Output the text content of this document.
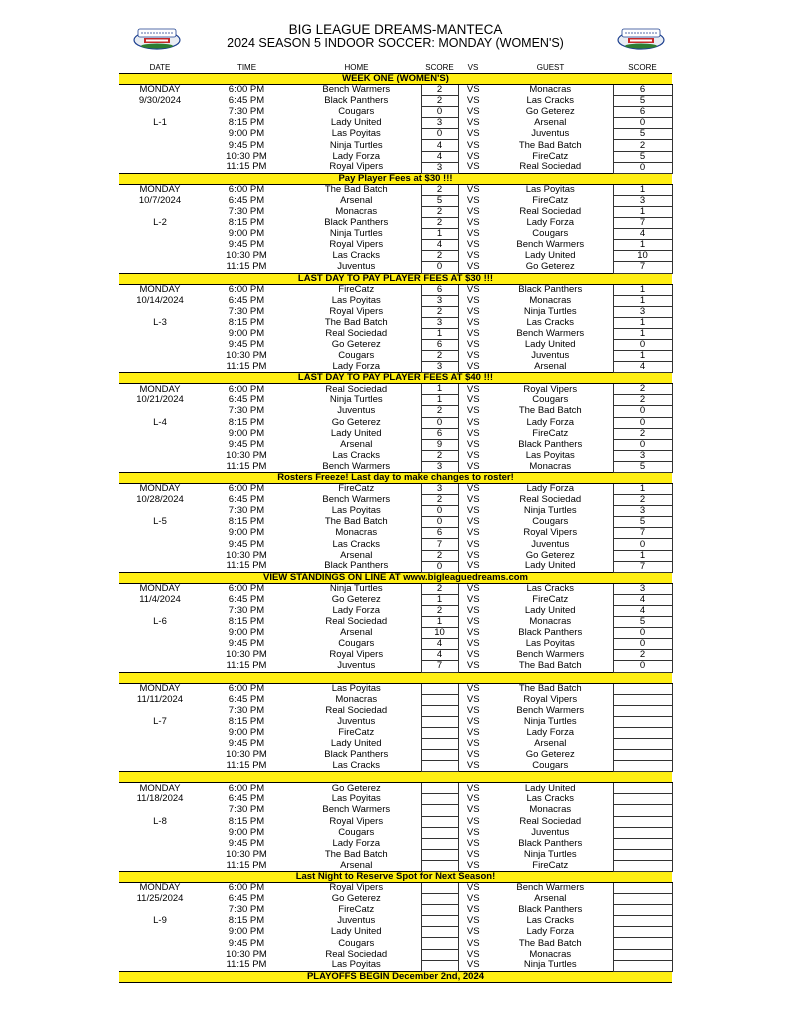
BIG LEAGUE DREAMS-MANTECA
2024 SEASON 5 INDOOR SOCCER: MONDAY (WOMEN'S)
DATE	TIME	HOME	SCORE	VS	GUEST	SCORE
WEEK ONE (WOMEN'S)						
MONDAY	6:00 PM	Bench Warmers	2	VS	Monacras	6
9/30/2024	6:45 PM	Black Panthers	2	VS	Las Cracks	5
	7:30 PM	Cougars	0	VS	Go Geterez	6
L-1	8:15 PM	Lady United	3	VS	Arsenal	0
	9:00 PM	Las Poyitas	0	VS	Juventus	5
	9:45 PM	Ninja Turtles	4	VS	The Bad Batch	2
	10:30 PM	Lady Forza	4	VS	FireCatz	5
	11:15 PM	Royal Vipers	3	VS	Real Sociedad	0
Pay Player Fees at $30 !!!						
MONDAY	6:00 PM	The Bad Batch	2	VS	Las Poyitas	1
10/7/2024	6:45 PM	Arsenal	5	VS	FireCatz	3
	7:30 PM	Monacras	2	VS	Real Sociedad	1
L-2	8:15 PM	Black Panthers	2	VS	Lady Forza	7
	9:00 PM	Ninja Turtles	1	VS	Cougars	4
	9:45 PM	Royal Vipers	4	VS	Bench Warmers	1
	10:30 PM	Las Cracks	2	VS	Lady United	10
	11:15 PM	Juventus	0	VS	Go Geterez	7
LAST DAY TO PAY PLAYER FEES AT $30 !!!						
MONDAY	6:00 PM	FireCatz	6	VS	Black Panthers	1
10/14/2024	6:45 PM	Las Poyitas	3	VS	Monacras	1
	7:30 PM	Royal Vipers	2	VS	Ninja Turtles	3
L-3	8:15 PM	The Bad Batch	3	VS	Las Cracks	1
	9:00 PM	Real Sociedad	1	VS	Bench Warmers	1
	9:45 PM	Go Geterez	6	VS	Lady United	0
	10:30 PM	Cougars	2	VS	Juventus	1
	11:15 PM	Lady Forza	3	VS	Arsenal	4
LAST DAY TO PAY PLAYER FEES AT $40 !!!						
MONDAY	6:00 PM	Real Sociedad	1	VS	Royal Vipers	2
10/21/2024	6:45 PM	Ninja Turtles	1	VS	Cougars	2
	7:30 PM	Juventus	2	VS	The Bad Batch	0
L-4	8:15 PM	Go Geterez	0	VS	Lady Forza	0
	9:00 PM	Lady United	6	VS	FireCatz	2
	9:45 PM	Arsenal	9	VS	Black Panthers	0
	10:30 PM	Las Cracks	2	VS	Las Poyitas	3
	11:15 PM	Bench Warmers	3	VS	Monacras	5
Rosters Freeze! Last day to make changes to roster!						
MONDAY	6:00 PM	FireCatz	3	VS	Lady Forza	1
10/28/2024	6:45 PM	Bench Warmers	2	VS	Real Sociedad	2
	7:30 PM	Las Poyitas	0	VS	Ninja Turtles	3
L-5	8:15 PM	The Bad Batch	0	VS	Cougars	5
	9:00 PM	Monacras	6	VS	Royal Vipers	7
	9:45 PM	Las Cracks	7	VS	Juventus	0
	10:30 PM	Arsenal	2	VS	Go Geterez	1
	11:15 PM	Black Panthers	0	VS	Lady United	7
VIEW STANDINGS ON LINE AT www.bigleaguedreams.com						
MONDAY	6:00 PM	Ninja Turtles	2	VS	Las Cracks	3
11/4/2024	6:45 PM	Go Geterez	1	VS	FireCatz	4
	7:30 PM	Lady Forza	2	VS	Lady United	4
L-6	8:15 PM	Real Sociedad	1	VS	Monacras	5
	9:00 PM	Arsenal	10	VS	Black Panthers	0
	9:45 PM	Cougars	4	VS	Las Poyitas	0
	10:30 PM	Royal Vipers	4	VS	Bench Warmers	2
	11:15 PM	Juventus	7	VS	The Bad Batch	0

MONDAY	6:00 PM	Las Poyitas		VS	The Bad Batch	
11/11/2024	6:45 PM	Monacras		VS	Royal Vipers	
	7:30 PM	Real Sociedad		VS	Bench Warmers	
L-7	8:15 PM	Juventus		VS	Ninja Turtles	
	9:00 PM	FireCatz		VS	Lady Forza	
	9:45 PM	Lady United		VS	Arsenal	
	10:30 PM	Black Panthers		VS	Go Geterez	
	11:15 PM	Las Cracks		VS	Cougars	

MONDAY	6:00 PM	Go Geterez		VS	Lady United	
11/18/2024	6:45 PM	Las Poyitas		VS	Las Cracks	
	7:30 PM	Bench Warmers		VS	Monacras	
L-8	8:15 PM	Royal Vipers		VS	Real Sociedad	
	9:00 PM	Cougars		VS	Juventus	
	9:45 PM	Lady Forza		VS	Black Panthers	
	10:30 PM	The Bad Batch		VS	Ninja Turtles	
	11:15 PM	Arsenal		VS	FireCatz	
Last Night to Reserve Spot for Next Season!						
MONDAY	6:00 PM	Royal Vipers		VS	Bench Warmers	
11/25/2024	6:45 PM	Go Geterez		VS	Arsenal	
	7:30 PM	FireCatz		VS	Black Panthers	
L-9	8:15 PM	Juventus		VS	Las Cracks	
	9:00 PM	Lady United		VS	Lady Forza	
	9:45 PM	Cougars		VS	The Bad Batch	
	10:30 PM	Real Sociedad		VS	Monacras	
	11:15 PM	Las Poyitas		VS	Ninja Turtles	
PLAYOFFS BEGIN December 2nd, 2024						
